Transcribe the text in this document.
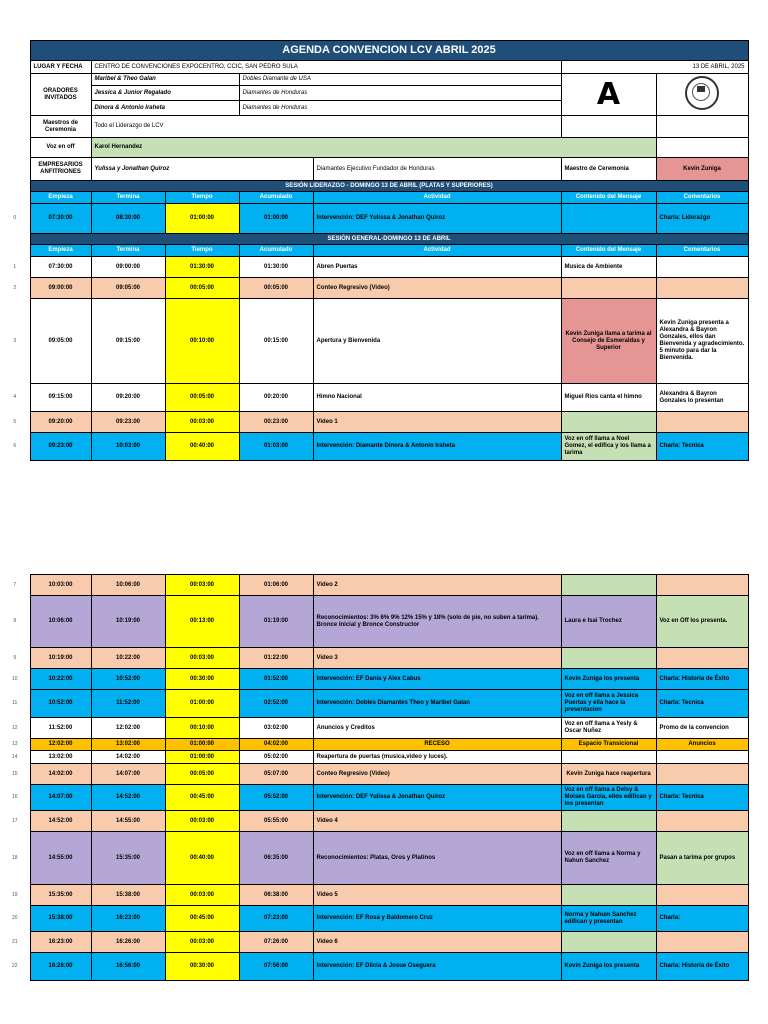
	AGENDA CONVENCION LCV ABRIL 2025						
	LUGAR Y FECHA	CENTRO DE CONVENCIONES EXPOCENTRO, CCIC, SAN PEDRO SULA				13 DE ABRIL, 2025	
	ORADORES INVITADOS	Maribel & Theo Galan		Dobles Diamante de USA		A	
		Jessica & Junior Regalado		Diamantes de Honduras			
		Dinora & Antonio Iraheta		Diamantes de Honduras			
	Maestros de Ceremonia	Todo el Liderazgo de LCV					
	Voz en off	Karol Hernandez					
	EMPRESARIOS ANFITRIONES	Yulissa y Jonathan Quiroz			Diamantes Ejecutivo Fundador de Honduras	Maestro de Ceremonia	Kevin Zuniga
	SESIÓN LIDERAZGO - DOMINGO 13 DE ABRIL (PLATAS Y SUPERIORES)						
	Empieza	Termina	Tiempo	Acumulado	Actividad	Contenido del Mensaje	Comentarios
0	07:30:00	08:30:00	01:00:00	01:00:00	Intervención: DEF Yulissa & Jonathan Quiroz		Charla: Liderazgo
	SESIÓN GENERAL-DOMINGO 13 DE ABRIL						
	Empieza	Termina	Tiempo	Acumulado	Actividad	Contenido del Mensaje	Comentarios
1	07:30:00	09:00:00	01:30:00	01:30:00	Abren Puertas	Musica de Ambiente	
2	09:00:00	09:05:00	00:05:00	00:05:00	Conteo Regresivo (Video)		
3	09:05:00	09:15:00	00:10:00	00:15:00	Apertura y Bienvenida	Kevin Zuniga llama a tarima al Consejo de Esmeraldas y Superior	Kevin Zuniga presenta a Alexandra & Bayron Gonzales, ellos dan Bienvenida y agradecimiento. 5 minuto para dar la Bienvenida.
4	09:15:00	09:20:00	00:05:00	00:20:00	Himno Nacional	Miguel Rios canta el himno	Alexandra & Bayron Gonzales lo presentan
5	09:20:00	09:23:00	00:03:00	00:23:00	Video 1		
6	09:23:00	10:03:00	00:40:00	01:03:00	Intervención: Diamante Dinora & Antonio Iraheta	Voz en off llama a Noel Gomez, el edifica y los llama a tarima	Charla: Tecnica
7	10:03:00	10:06:00	00:03:00	01:06:00	Video 2		
8	10:06:00	10:19:00	00:13:00	01:19:00	Reconocimientos: 3% 6% 9% 12% 15% y 18% (solo de pie, no suben a tarima). Bronce Inicial y Bronce Constructor	Laura e Isai Trochez	Voz en Off los presenta.
9	10:19:00	10:22:00	00:03:00	01:22:00	Video 3		
10	10:22:00	10:52:00	00:30:00	01:52:00	Intervención: EF Dania y Alex Cabus	Kevin Zuniga los presenta	Charla: Historia de Éxito
11	10:52:00	11:52:00	01:00:00	02:52:00	Intervención: Dobles Diamantes Theo y Maribel Galan	Voz en off llama a Jessica Puertas y ella hace la presentacion	Charla: Tecnica
12	11:52:00	12:02:00	00:10:00	03:02:00	Anuncios y Creditos	Voz en off llama a Yesly & Oscar Nuñez	Promo de la convencion
13	12:02:00	13:02:00	01:00:00	04:02:00	RECESO	Espacio Transicional	Anuncios
14	13:02:00	14:02:00	01:00:00	05:02:00	Reapertura de puertas (musica,video y luces).		
15	14:02:00	14:07:00	00:05:00	05:07:00	Conteo Regresivo (Video)	Kevin Zuniga hace reapertura	
16	14:07:00	14:52:00	00:45:00	05:52:00	Intervención: DEF Yulissa & Jonathan Quiroz	Voz en off llama a Delsy & Moises Garcia, ellos edifican y los presentan	Charla: Tecnica
17	14:52:00	14:55:00	00:03:00	05:55:00	Video 4		
18	14:55:00	15:35:00	00:40:00	06:35:00	Reconocimientos: Platas, Oros y Platinos	Voz en off llama a Norma y Nahun Sanchez	Pasan a tarima por grupos
19	15:35:00	15:38:00	00:03:00	06:38:00	Video 5		
20	15:38:00	16:23:00	00:45:00	07:23:00	Intervención: EF Rosa y Baldomero Cruz	Norma y Nahum Sanchez edifican y presentan	Charla:
21	16:23:00	16:26:00	00:03:00	07:26:00	Video 6		
22	16:26:00	16:56:00	00:30:00	07:56:00	Intervención: EF Dilcia & Josue Oseguera	Kevin Zuniga los presenta	Charla: Historia de Éxito
